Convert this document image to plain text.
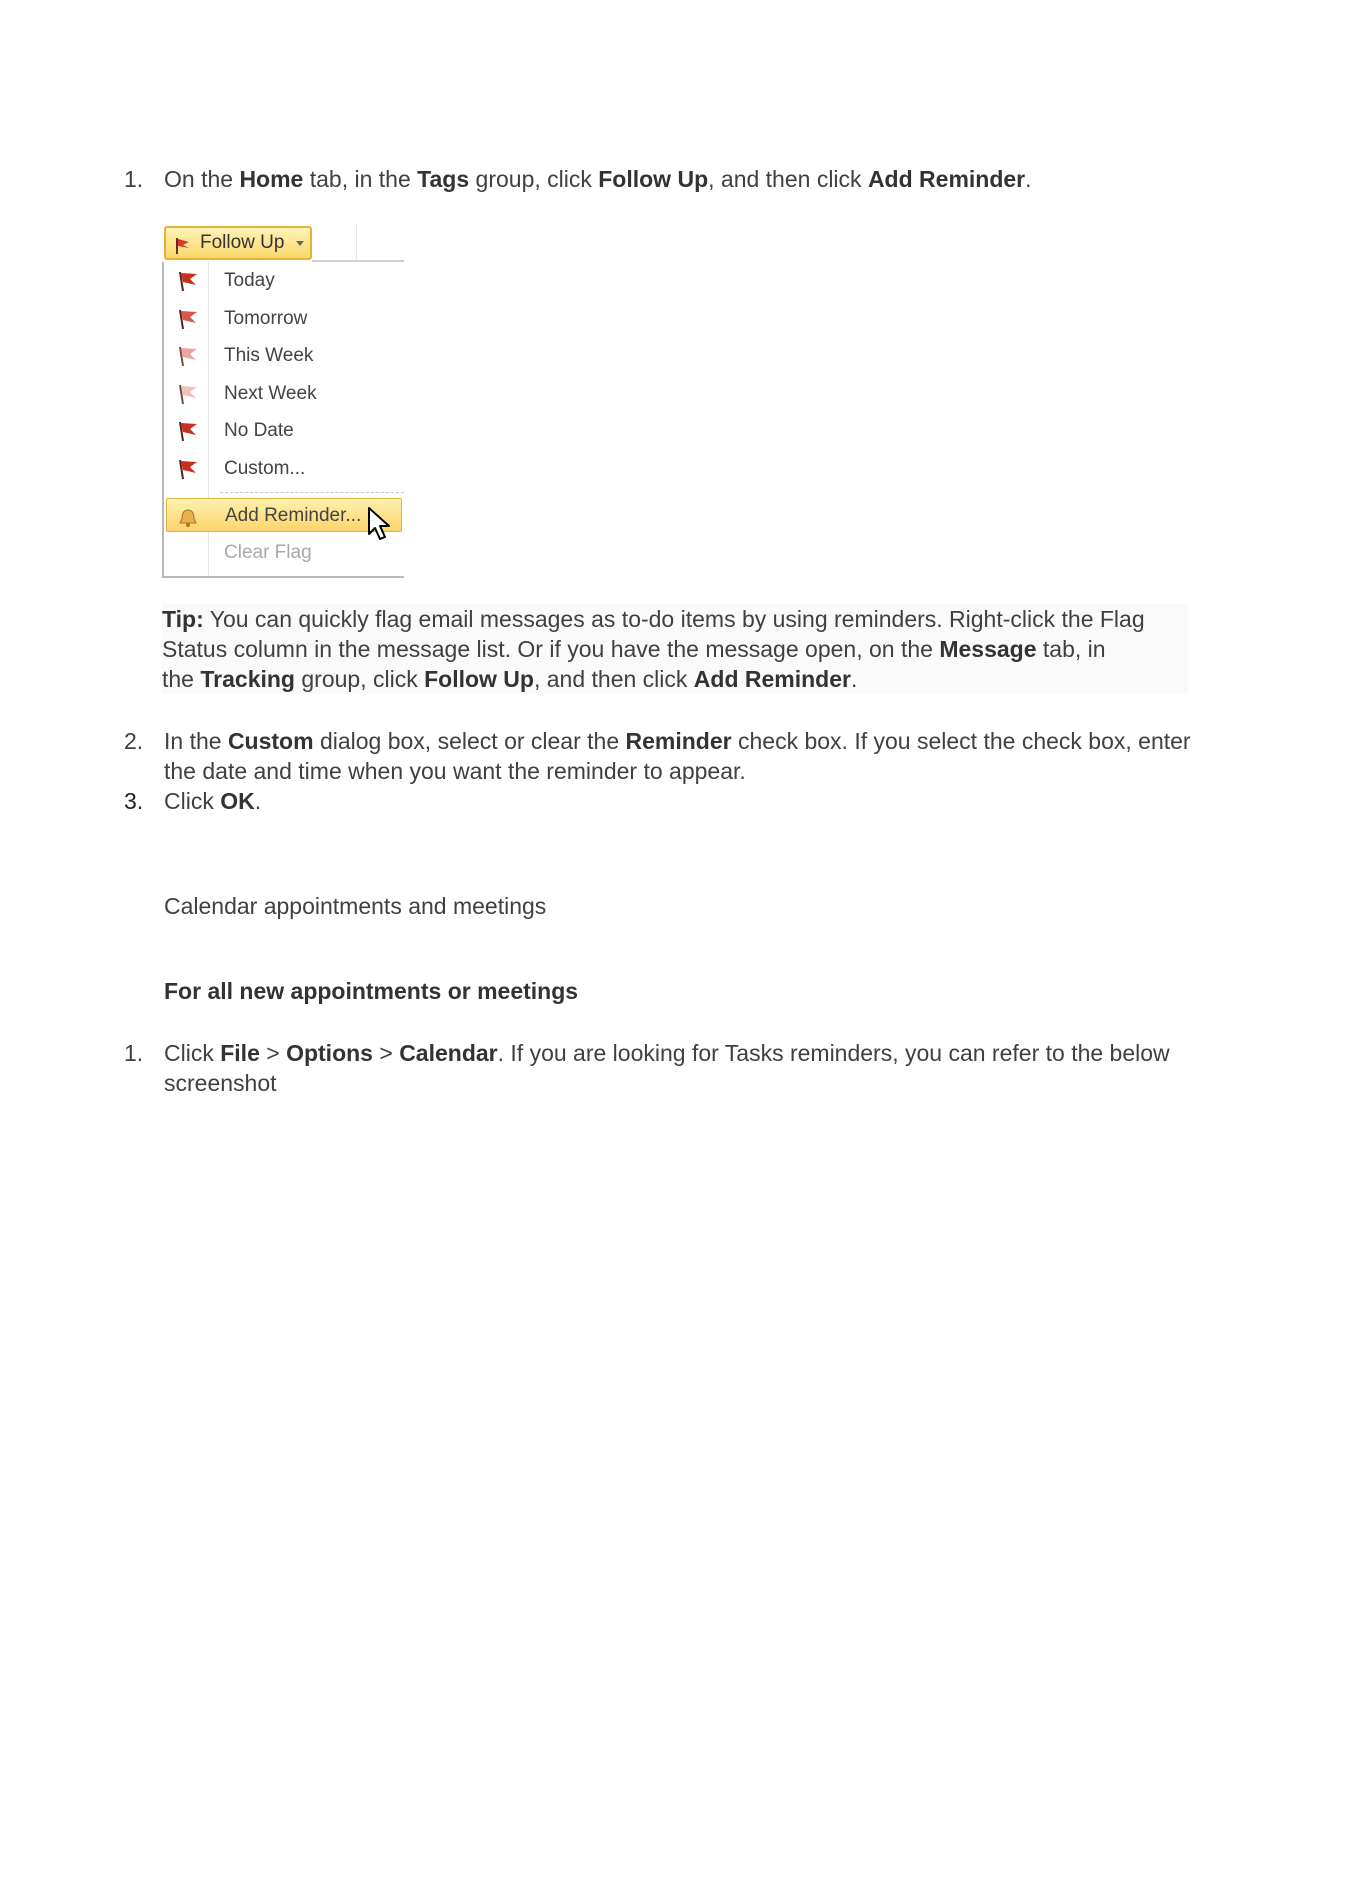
1. On the Home tab, in the Tags group, click Follow Up, and then click Add Reminder.
Follow Up
Today
Tomorrow
This Week
Next Week
No Date
Custom...
Add Reminder...
Clear Flag
Tip: You can quickly flag email messages as to-do items by using reminders. Right-click the Flag
Status column in the message list. Or if you have the message open, on the Message tab, in
the Tracking group, click Follow Up, and then click Add Reminder.
2. In the Custom dialog box, select or clear the Reminder check box. If you select the check box, enter
the date and time when you want the reminder to appear.
3. Click OK.
Calendar appointments and meetings
For all new appointments or meetings
1. Click File > Options > Calendar. If you are looking for Tasks reminders, you can refer to the below
screenshot
